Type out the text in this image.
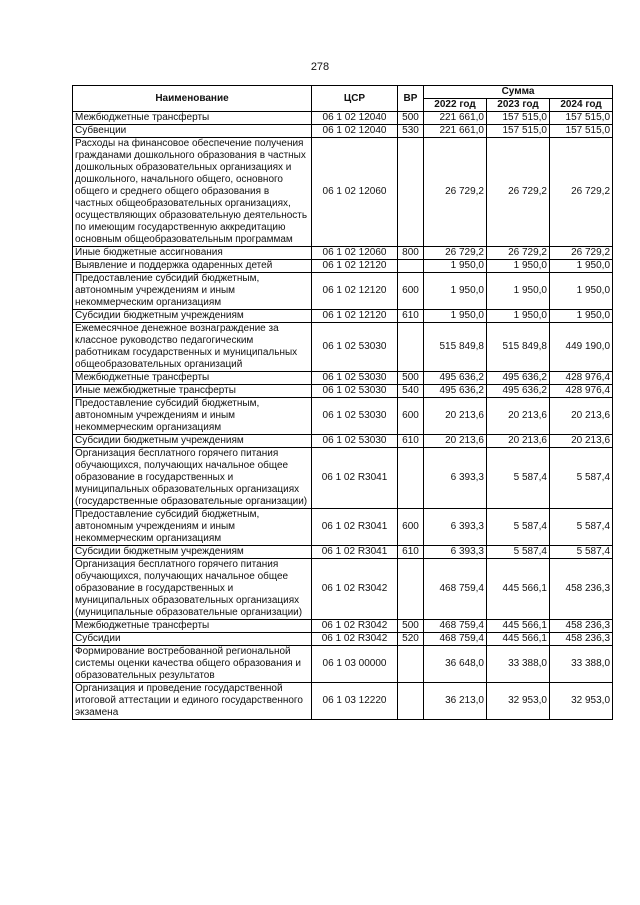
278
Наименование	ЦСР	ВР	Сумма		
			2022 год	2023 год	2024 год
Межбюджетные трансферты	06 1 02 12040	500	221 661,0	157 515,0	157 515,0
Субвенции	06 1 02 12040	530	221 661,0	157 515,0	157 515,0
Расходы на финансовое обеспечение получения гражданами дошкольного образования в частных дошкольных образовательных организациях и дошкольного, начального общего, основного общего и среднего общего образования в частных общеобразовательных организациях, осуществляющих образовательную деятельность по имеющим государственную аккредитацию основным общеобразовательным программам	06 1 02 12060		26 729,2	26 729,2	26 729,2
Иные бюджетные ассигнования	06 1 02 12060	800	26 729,2	26 729,2	26 729,2
Выявление и поддержка одаренных детей	06 1 02 12120		1 950,0	1 950,0	1 950,0
Предоставление субсидий бюджетным, автономным учреждениям и иным некоммерческим организациям	06 1 02 12120	600	1 950,0	1 950,0	1 950,0
Субсидии бюджетным учреждениям	06 1 02 12120	610	1 950,0	1 950,0	1 950,0
Ежемесячное денежное вознаграждение за классное руководство педагогическим работникам государственных и муниципальных общеобразовательных организаций	06 1 02 53030		515 849,8	515 849,8	449 190,0
Межбюджетные трансферты	06 1 02 53030	500	495 636,2	495 636,2	428 976,4
Иные межбюджетные трансферты	06 1 02 53030	540	495 636,2	495 636,2	428 976,4
Предоставление субсидий бюджетным, автономным учреждениям и иным некоммерческим организациям	06 1 02 53030	600	20 213,6	20 213,6	20 213,6
Субсидии бюджетным учреждениям	06 1 02 53030	610	20 213,6	20 213,6	20 213,6
Организация бесплатного горячего питания обучающихся, получающих начальное общее образование в государственных и муниципальных образовательных организациях (государственные образовательные организации)	06 1 02 R3041		6 393,3	5 587,4	5 587,4
Предоставление субсидий бюджетным, автономным учреждениям и иным некоммерческим организациям	06 1 02 R3041	600	6 393,3	5 587,4	5 587,4
Субсидии бюджетным учреждениям	06 1 02 R3041	610	6 393,3	5 587,4	5 587,4
Организация бесплатного горячего питания обучающихся, получающих начальное общее образование в государственных и муниципальных образовательных организациях (муниципальные образовательные организации)	06 1 02 R3042		468 759,4	445 566,1	458 236,3
Межбюджетные трансферты	06 1 02 R3042	500	468 759,4	445 566,1	458 236,3
Субсидии	06 1 02 R3042	520	468 759,4	445 566,1	458 236,3
Формирование востребованной региональной системы оценки качества общего образования и образовательных результатов	06 1 03 00000		36 648,0	33 388,0	33 388,0
Организация и проведение государственной итоговой аттестации и единого государственного экзамена	06 1 03 12220		36 213,0	32 953,0	32 953,0
